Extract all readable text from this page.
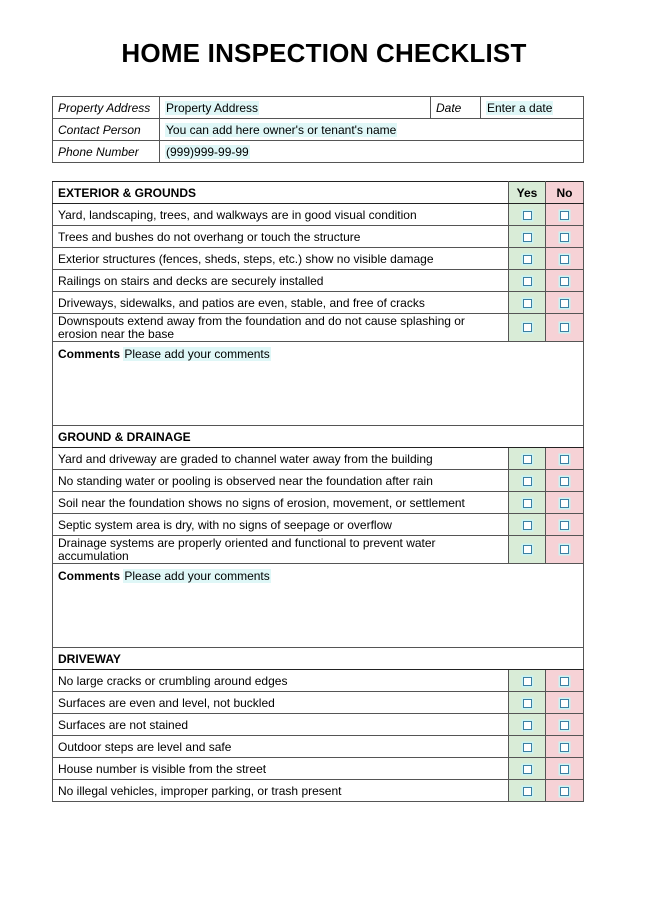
HOME INSPECTION CHECKLIST
Property Address	Property Address	Date	Enter a date
Contact Person	You can add here owner's or tenant's name		
Phone Number	(999)999-99-99		
EXTERIOR & GROUNDS	Yes	No
Yard, landscaping, trees, and walkways are in good visual condition		
Trees and bushes do not overhang or touch the structure		
Exterior structures (fences, sheds, steps, etc.) show no visible damage		
Railings on stairs and decks are securely installed		
Driveways, sidewalks, and patios are even, stable, and free of cracks		
Downspouts extend away from the foundation and do not cause splashing or erosion near the base		
Comments Please add your comments		
GROUND & DRAINAGE		
Yard and driveway are graded to channel water away from the building		
No standing water or pooling is observed near the foundation after rain		
Soil near the foundation shows no signs of erosion, movement, or settlement		
Septic system area is dry, with no signs of seepage or overflow		
Drainage systems are properly oriented and functional to prevent water accumulation		
Comments Please add your comments		
DRIVEWAY		
No large cracks or crumbling around edges		
Surfaces are even and level, not buckled		
Surfaces are not stained		
Outdoor steps are level and safe		
House number is visible from the street		
No illegal vehicles, improper parking, or trash present		
